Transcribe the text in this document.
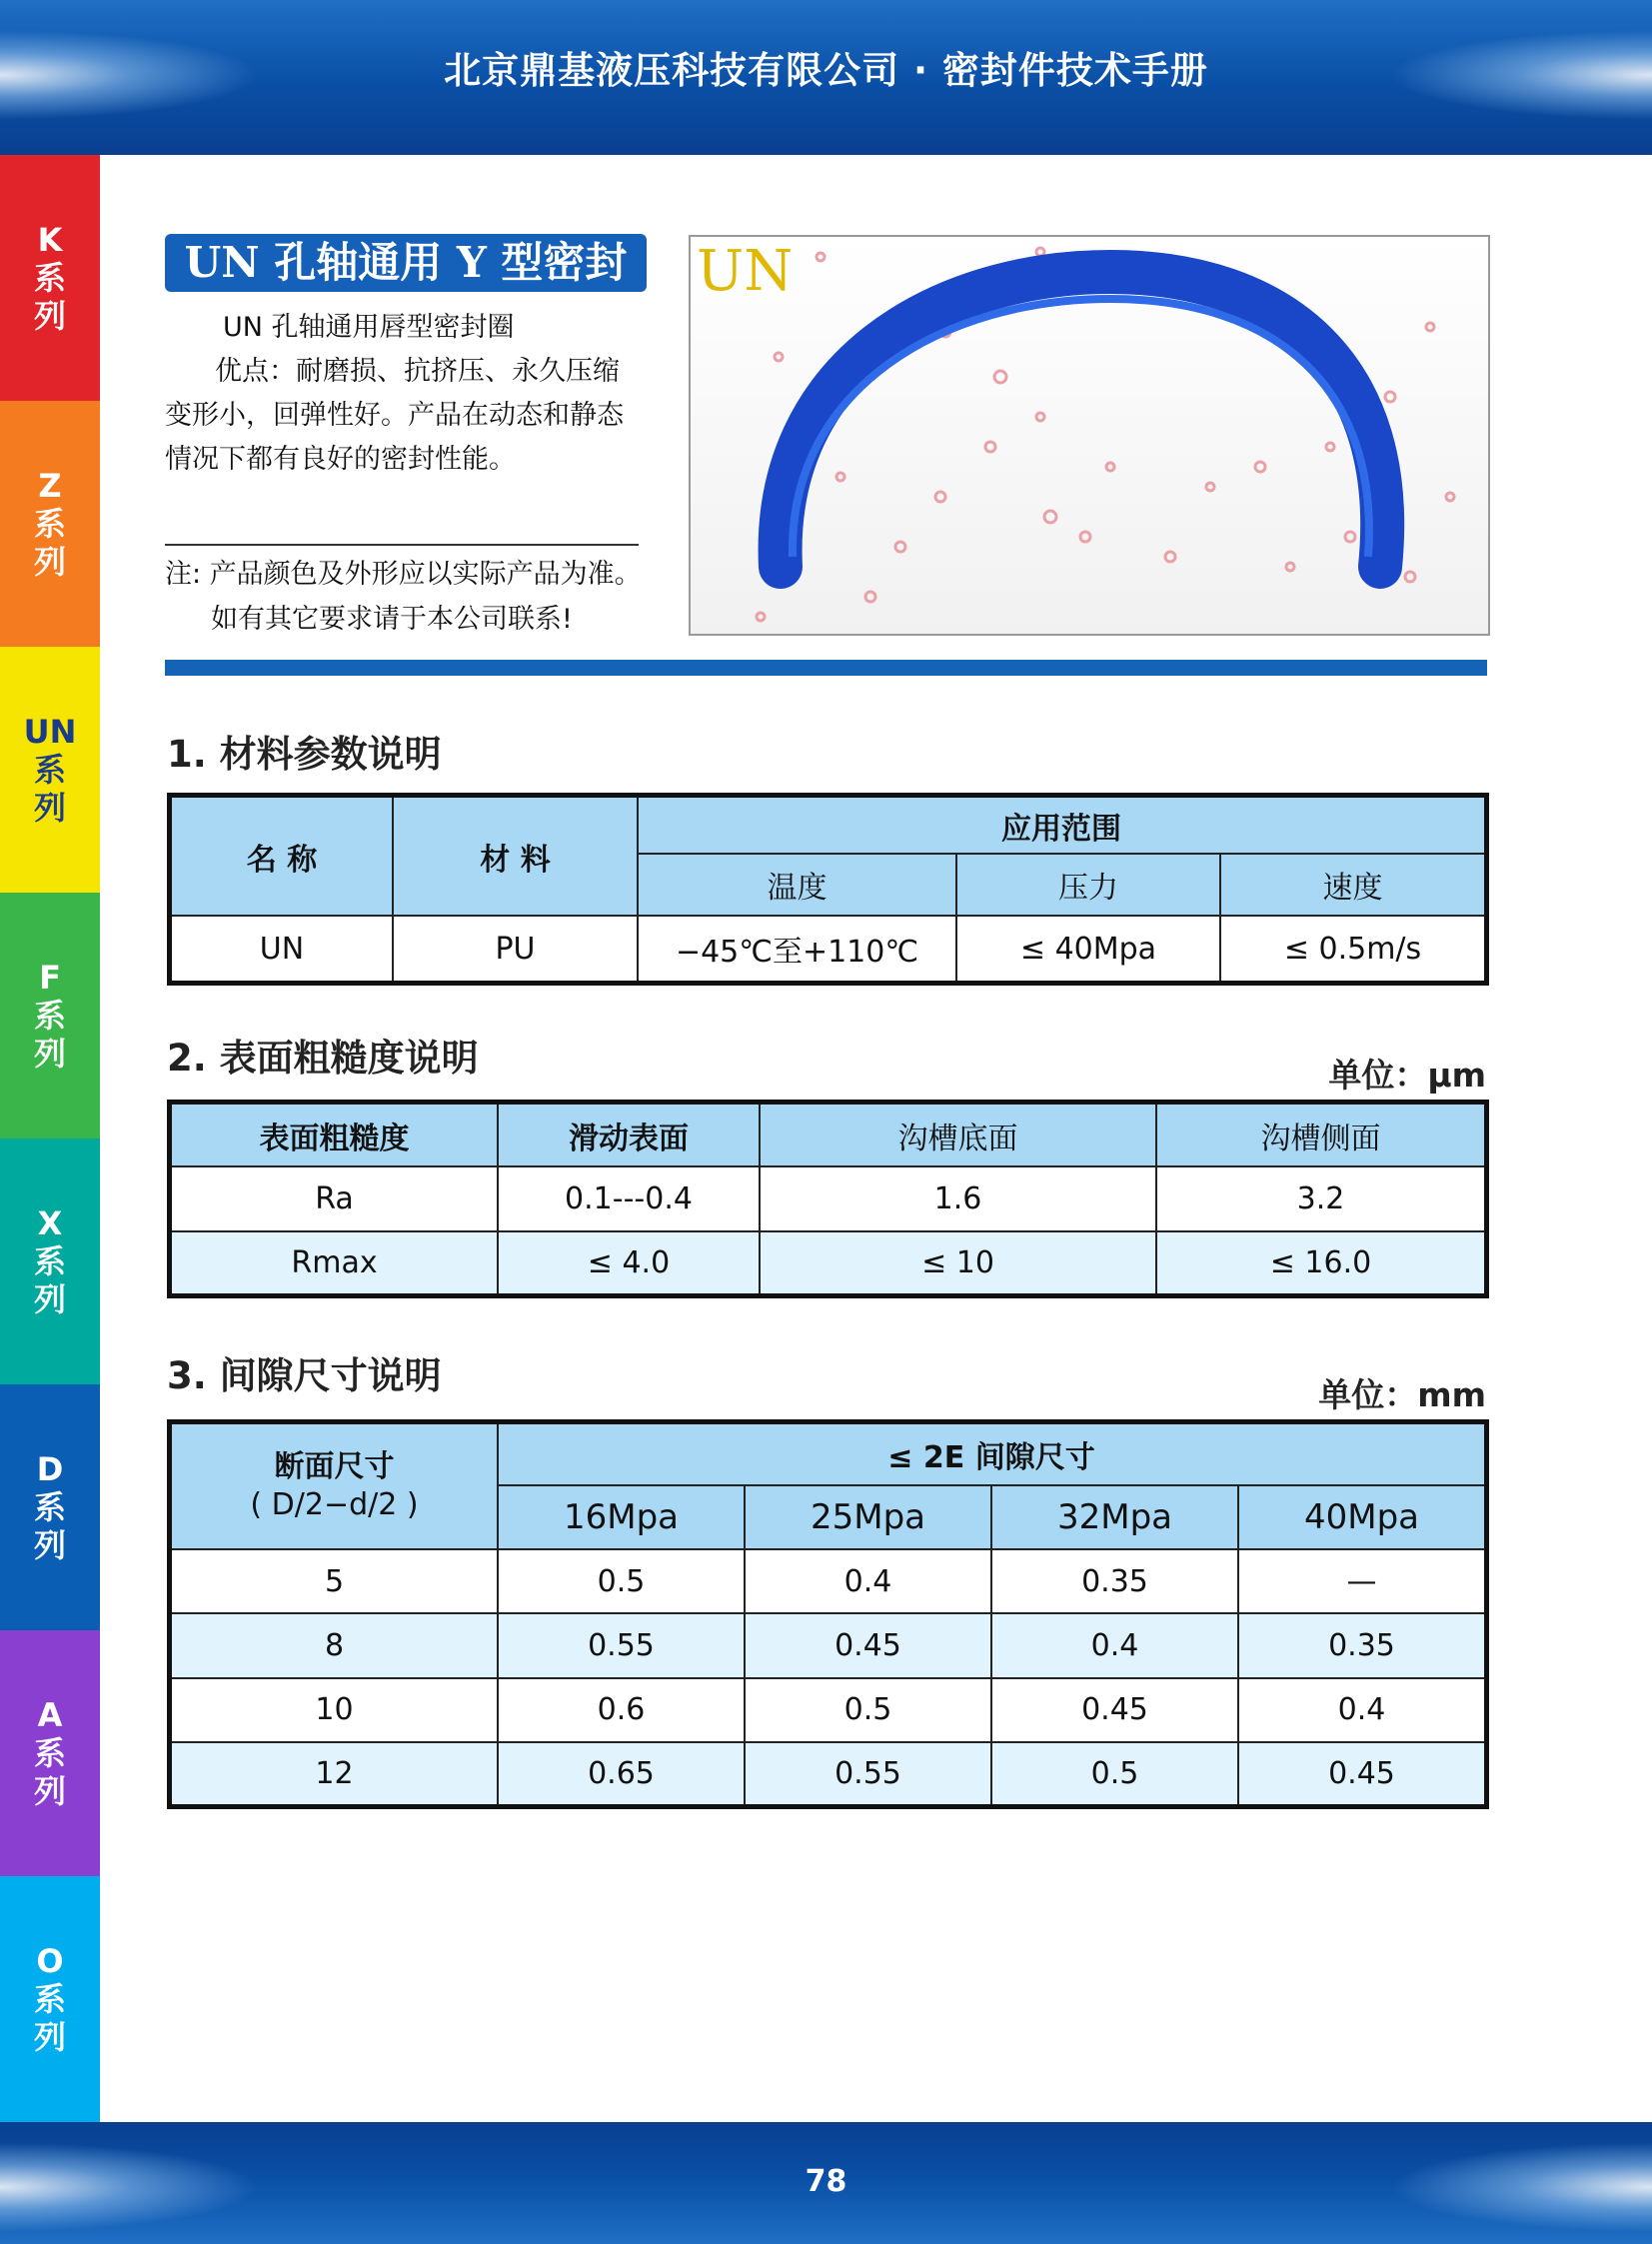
北京鼎基液压科技有限公司 · 密封件技术手册
K
系
列
Z
系
列
UN
系
列
F
系
列
X
系
列
D
系
列
A
系
列
O
系
列
UN 孔轴通用 Y 型密封
UN 孔轴通用唇型密封圈
优点：耐磨损、抗挤压、永久压缩
变形小，回弹性好。产品在动态和静态
情况下都有良好的密封性能。
注: 产品颜色及外形应以实际产品为准。
如有其它要求请于本公司联系!
UN
1. 材料参数说明
名 称	材 料	应用范围		
		温度	压力	速度
UN	PU	−45℃至+110℃	≤ 40Mpa	≤ 0.5m/s
2. 表面粗糙度说明	单位：μm
表面粗糙度	滑动表面	沟槽底面	沟槽侧面
Ra	0.1---0.4	1.6	3.2
Rmax	≤ 4.0	≤ 10	≤ 16.0
3. 间隙尺寸说明	单位：mm
断面尺寸
( D/2−d/2 )	≤ 2E 间隙尺寸			
	16Mpa	25Mpa	32Mpa	40Mpa
5	0.5	0.4	0.35	—
8	0.55	0.45	0.4	0.35
10	0.6	0.5	0.45	0.4
12	0.65	0.55	0.5	0.45
78
